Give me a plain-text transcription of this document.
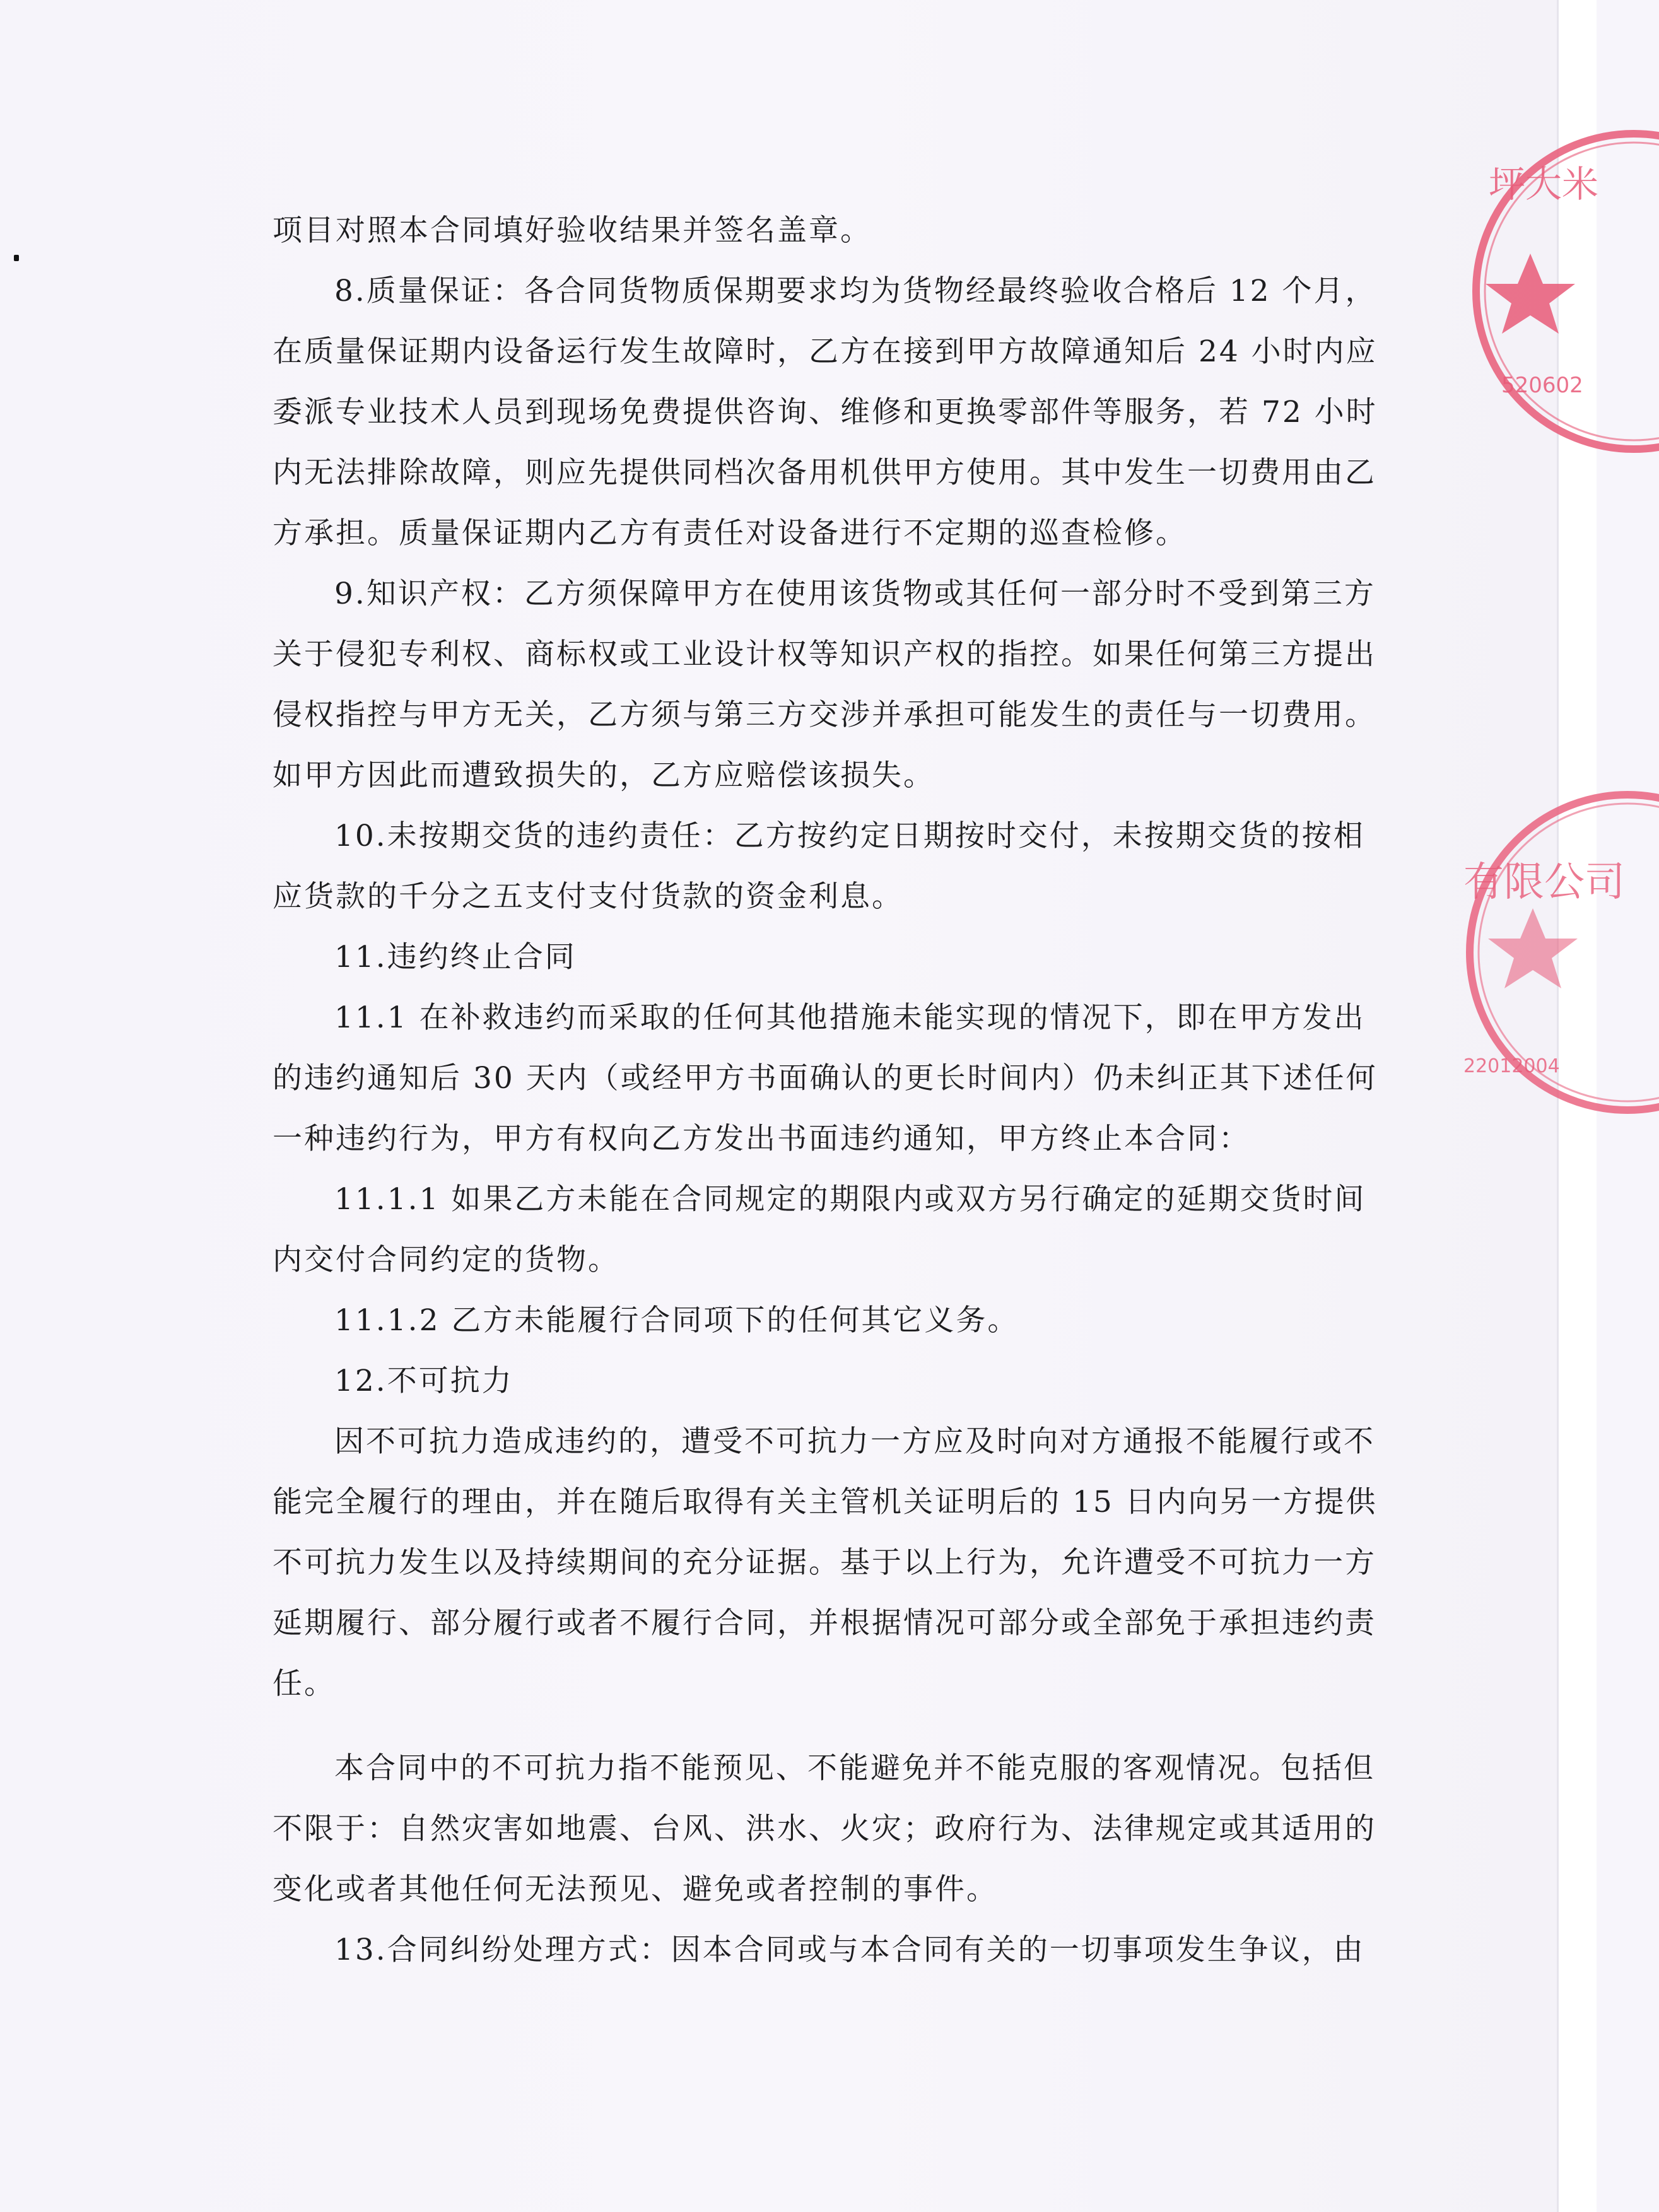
项目对照本合同填好验收结果并签名盖章。
8.质量保证：各合同货物质保期要求均为货物经最终验收合格后 12 个月，
在质量保证期内设备运行发生故障时，乙方在接到甲方故障通知后 24 小时内应
委派专业技术人员到现场免费提供咨询、维修和更换零部件等服务，若 72 小时
内无法排除故障，则应先提供同档次备用机供甲方使用。其中发生一切费用由乙
方承担。质量保证期内乙方有责任对设备进行不定期的巡查检修。
9.知识产权：乙方须保障甲方在使用该货物或其任何一部分时不受到第三方
关于侵犯专利权、商标权或工业设计权等知识产权的指控。如果任何第三方提出
侵权指控与甲方无关，乙方须与第三方交涉并承担可能发生的责任与一切费用。
如甲方因此而遭致损失的，乙方应赔偿该损失。
10.未按期交货的违约责任：乙方按约定日期按时交付，未按期交货的按相
应货款的千分之五支付支付货款的资金利息。
11.违约终止合同
11.1 在补救违约而采取的任何其他措施未能实现的情况下，即在甲方发出
的违约通知后 30 天内（或经甲方书面确认的更长时间内）仍未纠正其下述任何
一种违约行为，甲方有权向乙方发出书面违约通知，甲方终止本合同：
11.1.1 如果乙方未能在合同规定的期限内或双方另行确定的延期交货时间
内交付合同约定的货物。
11.1.2 乙方未能履行合同项下的任何其它义务。
12.不可抗力
因不可抗力造成违约的，遭受不可抗力一方应及时向对方通报不能履行或不
能完全履行的理由，并在随后取得有关主管机关证明后的 15 日内向另一方提供
不可抗力发生以及持续期间的充分证据。基于以上行为，允许遭受不可抗力一方
延期履行、部分履行或者不履行合同，并根据情况可部分或全部免于承担违约责
任。
本合同中的不可抗力指不能预见、不能避免并不能克服的客观情况。包括但
不限于：自然灾害如地震、台风、洪水、火灾；政府行为、法律规定或其适用的
变化或者其他任何无法预见、避免或者控制的事件。
13.合同纠纷处理方式：因本合同或与本合同有关的一切事项发生争议，由
坪大米
520602
有限公司
22012004
